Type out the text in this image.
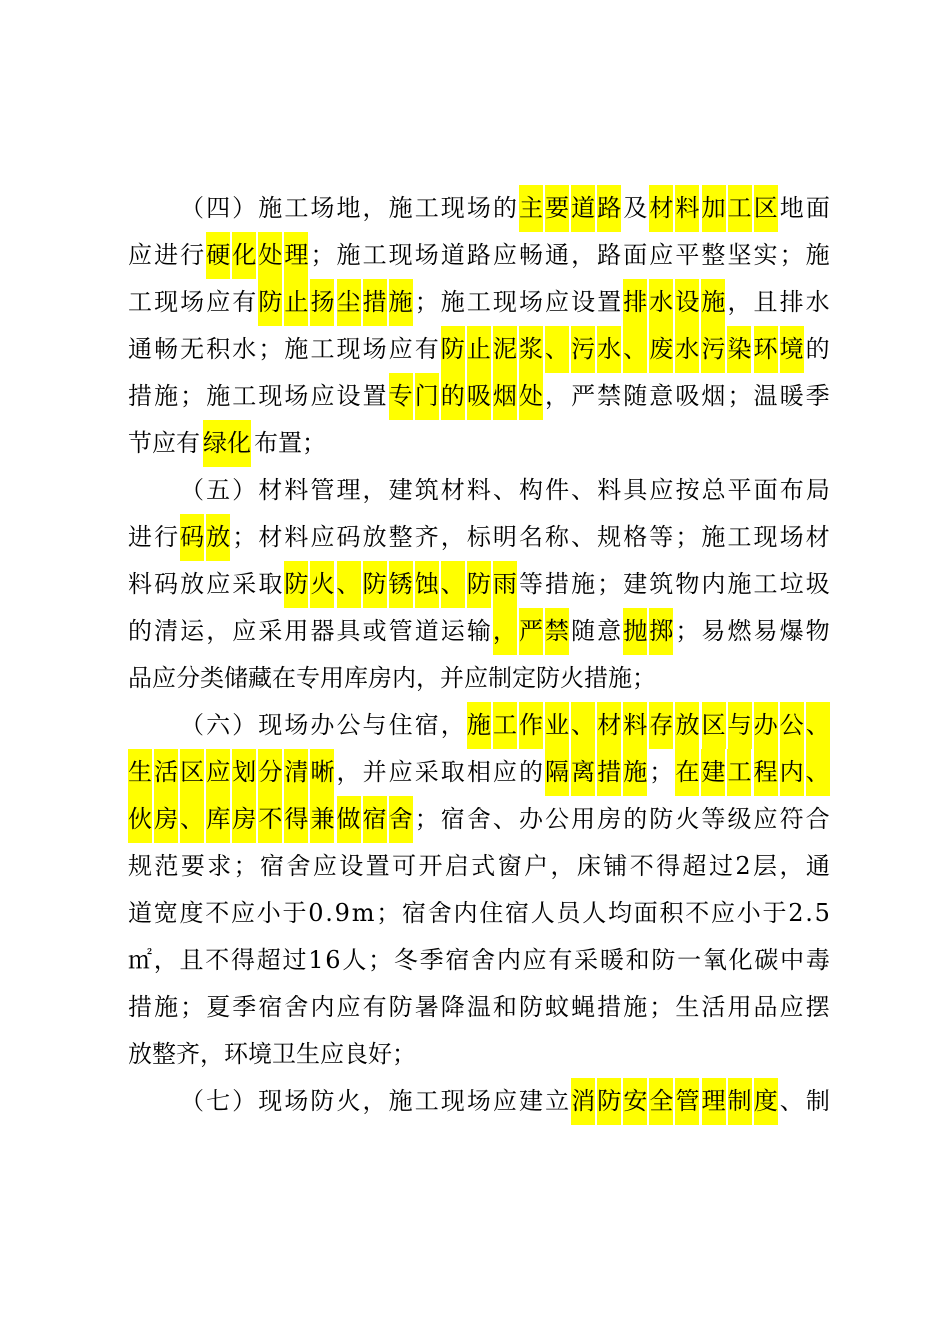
（ 四 ） 施 工 场 地 ， 施 工 现 场 的 主 要 道 路 及 材 料 加 工 区 地 面
应 进 行 硬 化 处 理 ； 施 工 现 场 道 路 应 畅 通 ， 路 面 应 平 整 坚 实 ； 施
工 现 场 应 有 防 止 扬 尘 措 施 ； 施 工 现 场 应 设 置 排 水 设 施 ， 且 排 水
通 畅 无 积 水 ； 施 工 现 场 应 有 防 止 泥 浆 、 污 水 、 废 水 污 染 环 境 的
措 施 ； 施 工 现 场 应 设 置 专 门 的 吸 烟 处 ， 严 禁 随 意 吸 烟 ； 温 暖 季
节应有 绿化 布置；
（ 五 ） 材 料 管 理 ， 建 筑 材 料 、 构 件 、 料 具 应 按 总 平 面 布 局
进 行 码 放 ； 材 料 应 码 放 整 齐 ， 标 明 名 称 、 规 格 等 ； 施 工 现 场 材
料 码 放 应 采 取 防 火 、 防 锈 蚀 、 防 雨 等 措 施 ； 建 筑 物 内 施 工 垃 圾
的 清 运 ， 应 采 用 器 具 或 管 道 运 输 ， 严 禁 随 意 抛 掷 ； 易 燃 易 爆 物
品应分类储藏在专用库房内，并应制定防火措施；
（ 六 ） 现 场 办 公 与 住 宿 ， 施 工 作 业 、 材 料 存 放 区 与 办 公 、
生 活 区 应 划 分 清 晰 ， 并 应 采 取 相 应 的 隔 离 措 施 ； 在 建 工 程 内 、
伙 房 、 库 房 不 得 兼 做 宿 舍 ； 宿 舍 、 办 公 用 房 的 防 火 等 级 应 符 合
规 范 要 求 ； 宿 舍 应 设 置 可 开 启 式 窗 户 ， 床 铺 不 得 超 过 2 层 ， 通
道 宽 度 不 应 小 于 0 . 9 m ； 宿 舍 内 住 宿 人 员 人 均 面 积 不 应 小 于 2 . 5
㎡ ， 且 不 得 超 过 1 6 人 ； 冬 季 宿 舍 内 应 有 采 暖 和 防 一 氧 化 碳 中 毒
措 施 ； 夏 季 宿 舍 内 应 有 防 暑 降 温 和 防 蚊 蝇 措 施 ； 生 活 用 品 应 摆
放整齐，环境卫生应良好；
（ 七 ） 现 场 防 火 ， 施 工 现 场 应 建 立 消 防 安 全 管 理 制 度 、 制
